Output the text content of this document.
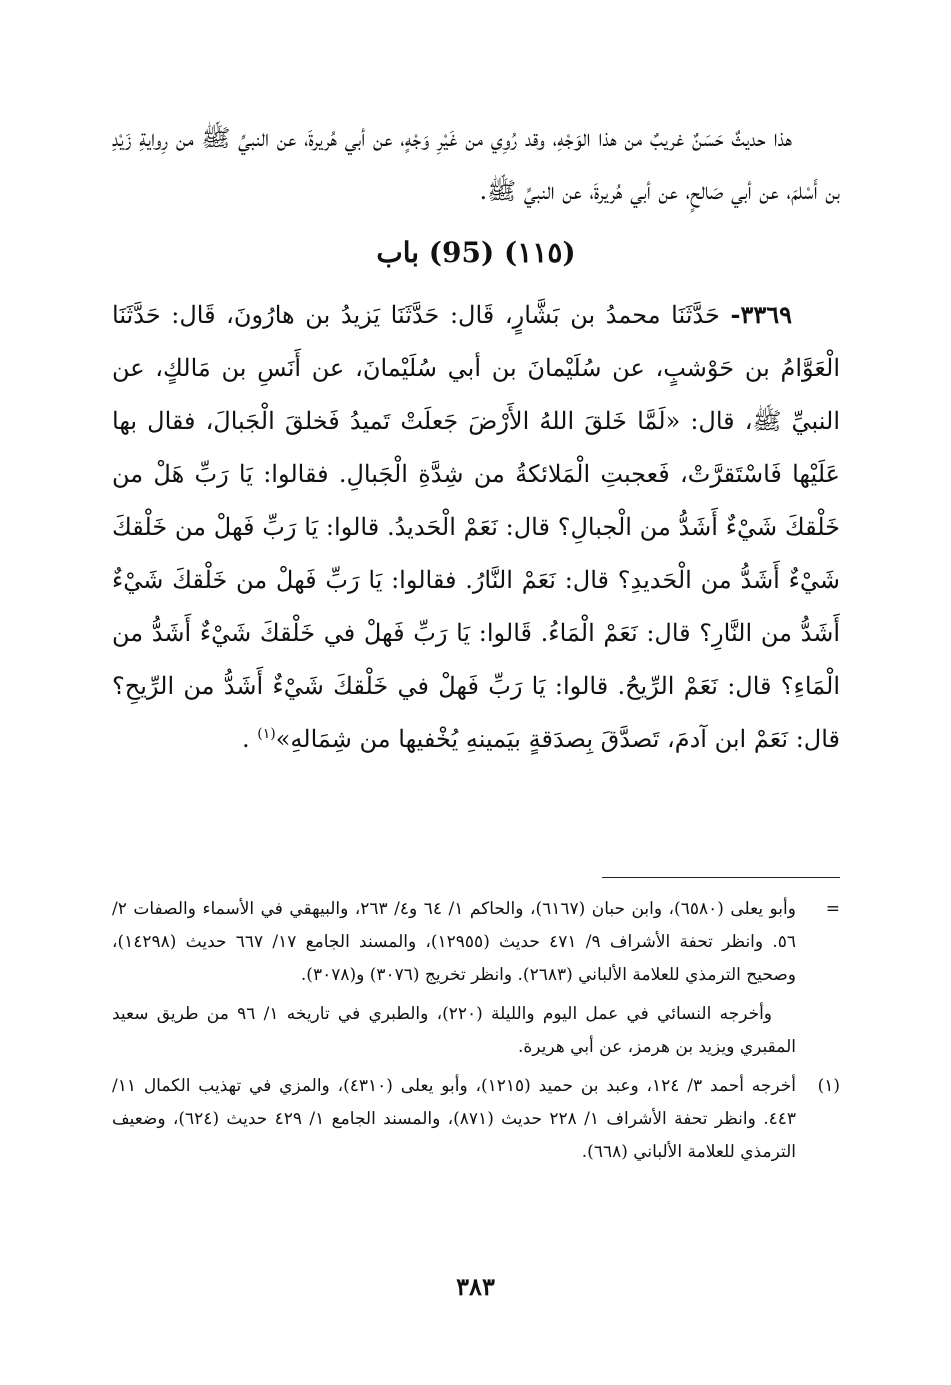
هذا حديثٌ حَسَنٌ غريبٌ من هذا الوَجْهِ، وقد رُوِي من غَيْرِ وَجْهٍ، عن أبي هُريرةَ، عن النبيِّ ﷺ من رِوايةِ زَيْدِ بن أَسْلمَ، عن أبي صَالحٍ، عن أبي هُريرةَ، عن النبيِّ ﷺ.

(١١٥) (95) باب

٣٣٦٩- حَدَّثَنَا محمدُ بن بَشَّارٍ، قَال: حَدَّثَنَا يَزيدُ بن هارُونَ، قَال: حَدَّثَنَا الْعَوَّامُ بن حَوْشبٍ، عن سُلَيْمانَ بن أبي سُلَيْمانَ، عن أَنَسِ بن مَالكٍ، عن النبيِّ ﷺ، قال: «لَمَّا خَلقَ اللهُ الأَرْضَ جَعلَتْ تَميدُ فَخلقَ الْجَبالَ، فقال بها عَلَيْها فَاسْتَقرَّتْ، فَعجبتِ الْمَلائكةُ من شِدَّةِ الْجَبالِ. فقالوا: يَا رَبِّ هَلْ من خَلْقكَ شَيْءٌ أَشَدُّ من الْجبالِ؟ قال: نَعَمْ الْحَديدُ. قالوا: يَا رَبِّ فَهلْ من خَلْقكَ شَيْءٌ أَشَدُّ من الْحَديدِ؟ قال: نَعَمْ النَّارُ. فقالوا: يَا رَبِّ فَهلْ من خَلْقكَ شَيْءٌ أَشَدُّ من النَّارِ؟ قال: نَعَمْ الْمَاءُ. قَالوا: يَا رَبِّ فَهلْ في خَلْقكَ شَيْءٌ أَشَدُّ من الْمَاءِ؟ قال: نَعَمْ الرِّيحُ. قالوا: يَا رَبِّ فَهلْ في خَلْقكَ شَيْءٌ أَشَدُّ من الرِّيحِ؟ قال: نَعَمْ ابن آدمَ، تَصدَّقَ بِصدَقةٍ بيَمينهِ يُخْفيها من شِمَالهِ»$^{(١)}$ .

=
وأبو يعلى (٦٥٨٠)، وابن حبان (٦١٦٧)، والحاكم ١/ ٦٤ و٤/ ٢٦٣، والبيهقي في الأسماء والصفات ٢/ ٥٦. وانظر تحفة الأشراف ٩/ ٤٧١ حديث (١٢٩٥٥)، والمسند الجامع ١٧/ ٦٦٧ حديث (١٤٢٩٨)، وصحيح الترمذي للعلامة الألباني (٢٦٨٣). وانظر تخريج (٣٠٧٦) و(٣٠٧٨).
وأخرجه النسائي في عمل اليوم والليلة (٢٢٠)، والطبري في تاريخه ١/ ٩٦ من طريق سعيد المقبري ويزيد بن هرمز، عن أبي هريرة.
(١)
أخرجه أحمد ٣/ ١٢٤، وعبد بن حميد (١٢١٥)، وأبو يعلى (٤٣١٠)، والمزي في تهذيب الكمال ١١/ ٤٤٣. وانظر تحفة الأشراف ١/ ٢٢٨ حديث (٨٧١)، والمسند الجامع ١/ ٤٢٩ حديث (٦٢٤)، وضعيف الترمذي للعلامة الألباني (٦٦٨).
٣٨٣
